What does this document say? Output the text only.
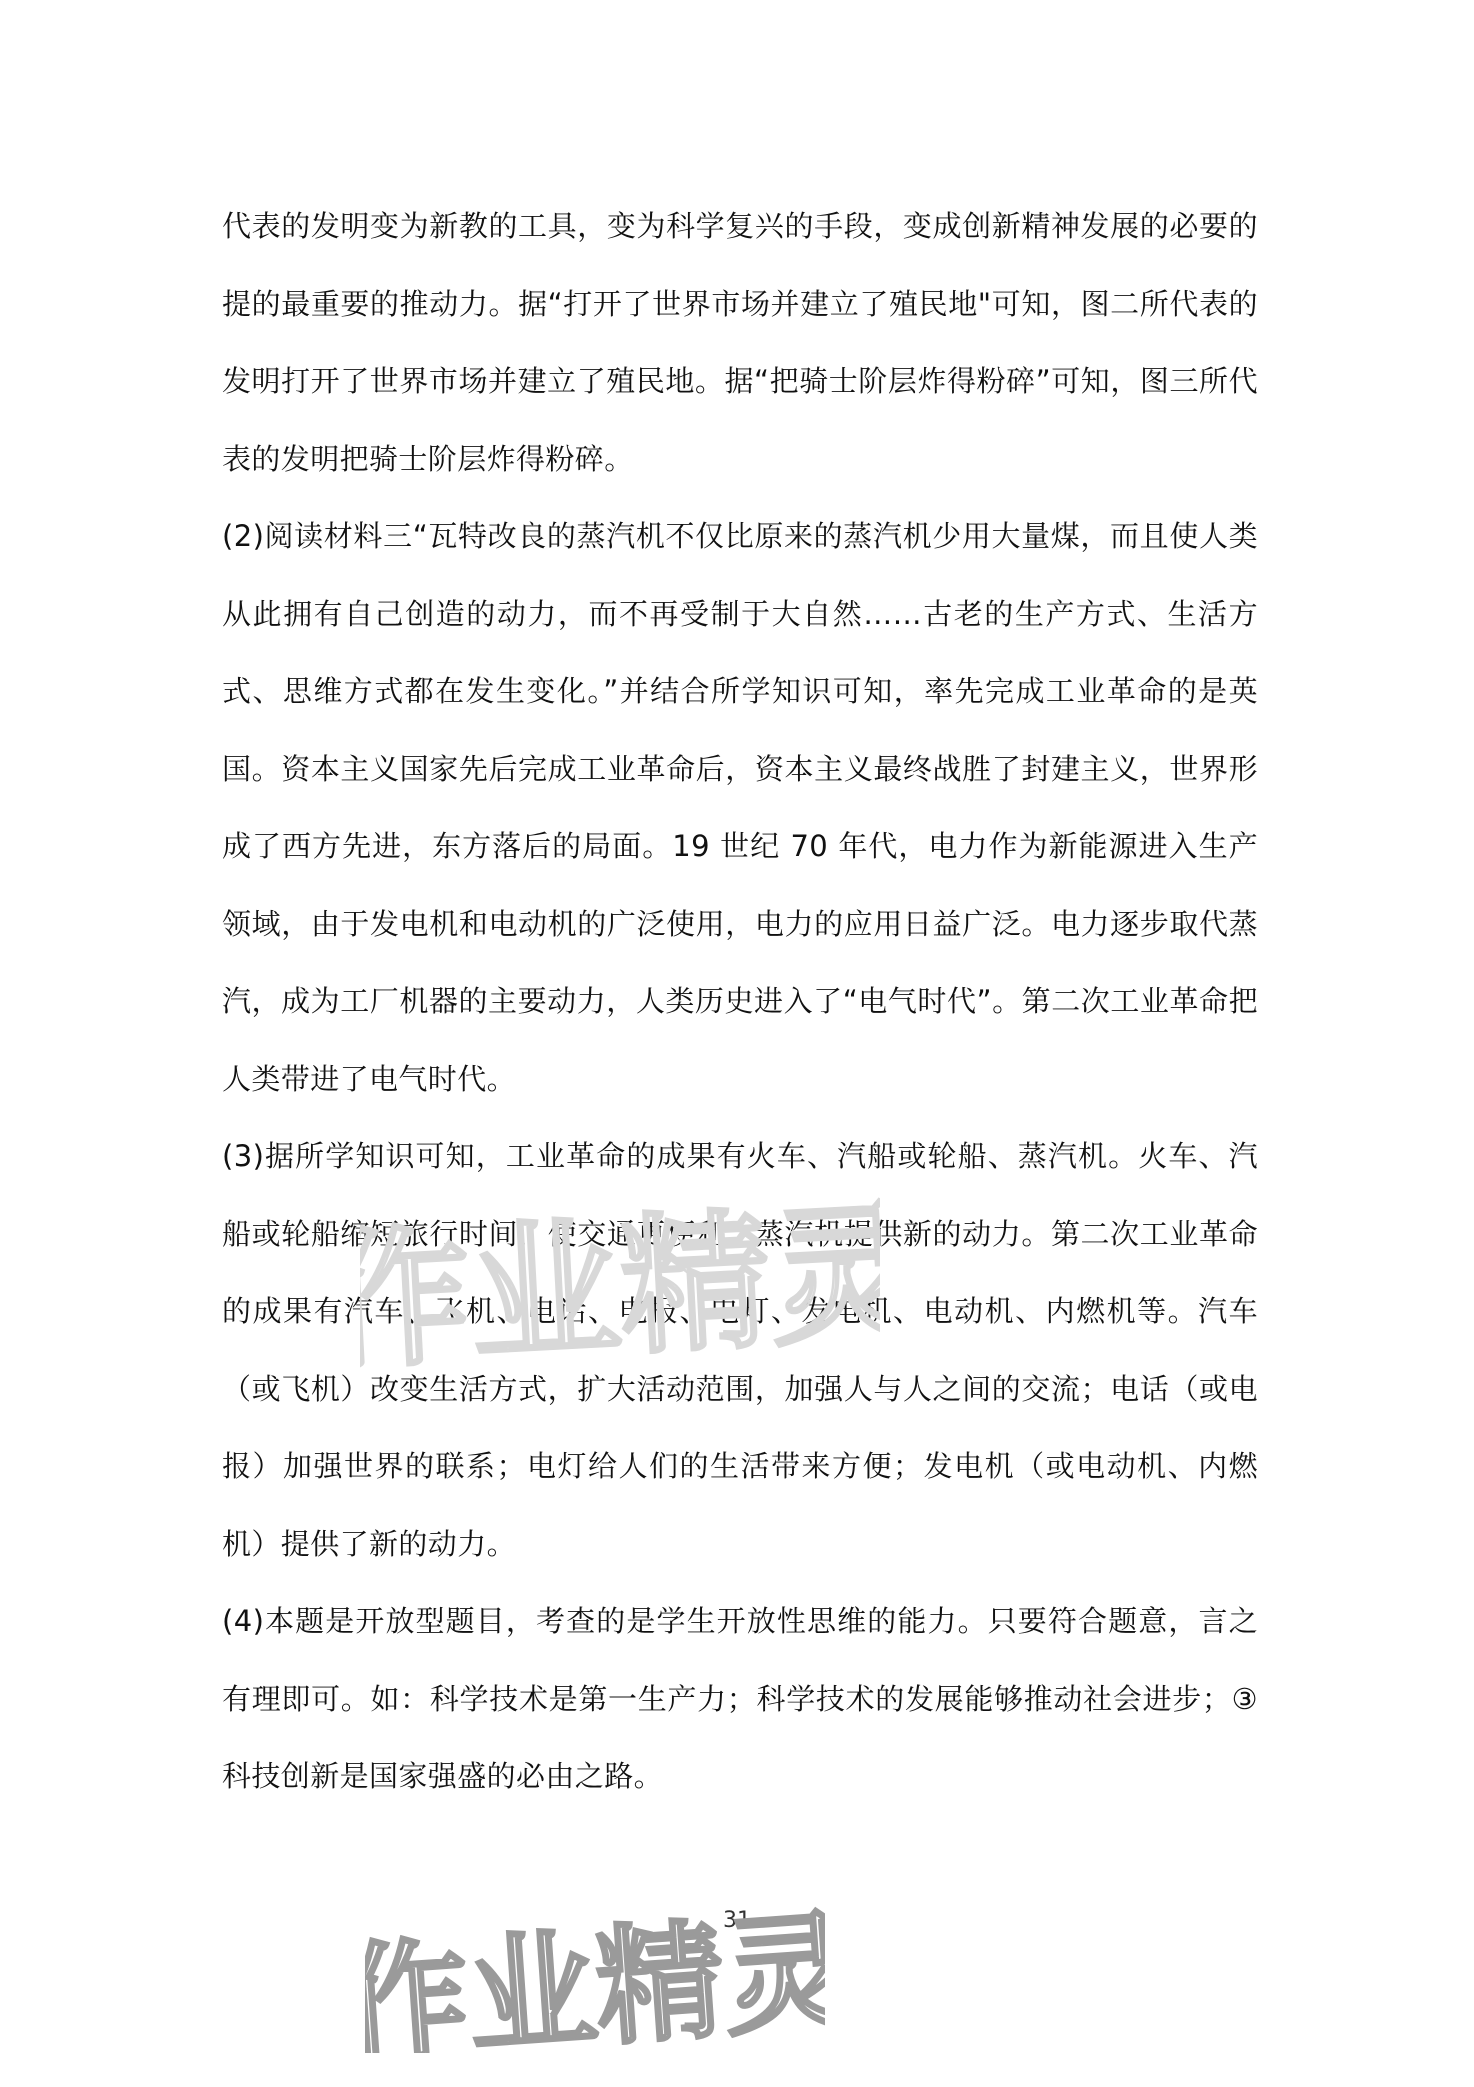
代表的发明变为新教的工具，变为科学复兴的手段，变成创新精神发展的必要的提的最重要的推动力。据“打开了世界市场并建立了殖民地"可知，图二所代表的发明打开了世界市场并建立了殖民地。据“把骑士阶层炸得粉碎”可知，图三所代表的发明把骑士阶层炸得粉碎。

(2)阅读材料三“瓦特改良的蒸汽机不仅比原来的蒸汽机少用大量煤，而且使人类从此拥有自己创造的动力，而不再受制于大自然……古老的生产方式、生活方式、思维方式都在发生变化。”并结合所学知识可知，率先完成工业革命的是英国。资本主义国家先后完成工业革命后，资本主义最终战胜了封建主义，世界形成了西方先进，东方落后的局面。19 世纪 70 年代，电力作为新能源进入生产领域，由于发电机和电动机的广泛使用，电力的应用日益广泛。电力逐步取代蒸汽，成为工厂机器的主要动力，人类历史进入了“电气时代”。第二次工业革命把人类带进了电气时代。

(3)据所学知识可知，工业革命的成果有火车、汽船或轮船、蒸汽机。火车、汽船或轮船缩短旅行时间，使交通更便利；蒸汽机提供新的动力。第二次工业革命的成果有汽车、飞机、电话、电报、电灯、发电机、电动机、内燃机等。汽车（或飞机）改变生活方式，扩大活动范围，加强人与人之间的交流；电话（或电报）加强世界的联系；电灯给人们的生活带来方便；发电机（或电动机、内燃机）提供了新的动力。

(4)本题是开放型题目，考查的是学生开放性思维的能力。只要符合题意，言之有理即可。如：科学技术是第一生产力；科学技术的发展能够推动社会进步；③科技创新是国家强盛的必由之路。

作业精灵
31
作业精灵
